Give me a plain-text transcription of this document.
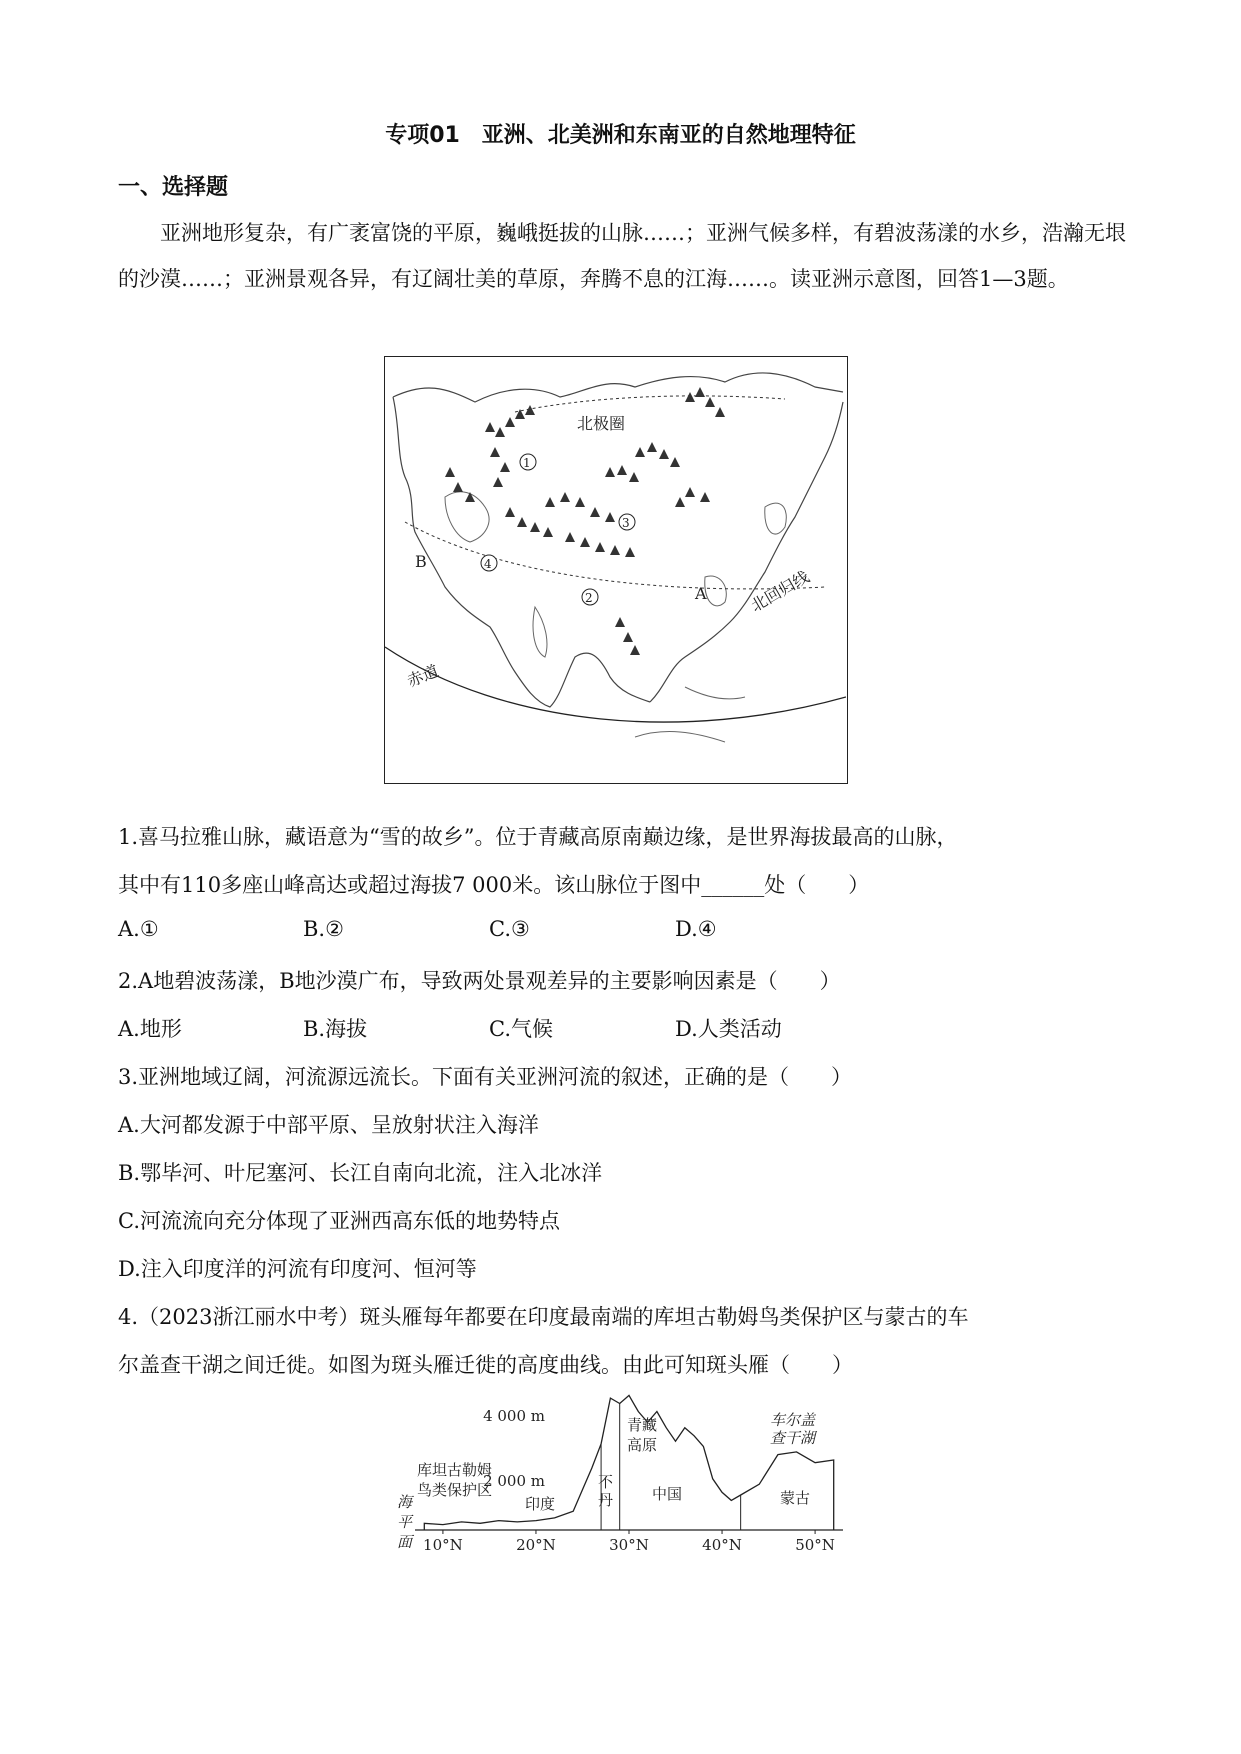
专项01　亚洲、北美洲和东南亚的自然地理特征
一、选择题
亚洲地形复杂，有广袤富饶的平原，巍峨挺拔的山脉……；亚洲气候多样，有碧波荡漾的水乡，浩瀚无垠的沙漠……；亚洲景观各异，有辽阔壮美的草原，奔腾不息的江海……。读亚洲示意图，回答1—3题。
北极圈
北回归线
赤道
B
A
1
2
3
4
1.喜马拉雅山脉，藏语意为“雪的故乡”。位于青藏高原南巅边缘，是世界海拔最高的山脉，
其中有110多座山峰高达或超过海拔7 000米。该山脉位于图中______处（　　）
A.①	B.②	C.③	D.④
2.A地碧波荡漾，B地沙漠广布，导致两处景观差异的主要影响因素是（　　）
A.地形	B.海拔	C.气候	D.人类活动
3.亚洲地域辽阔，河流源远流长。下面有关亚洲河流的叙述，正确的是（　　）
A.大河都发源于中部平原、呈放射状注入海洋
B.鄂毕河、叶尼塞河、长江自南向北流，注入北冰洋
C.河流流向充分体现了亚洲西高东低的地势特点
D.注入印度洋的河流有印度河、恒河等
4.（2023浙江丽水中考）斑头雁每年都要在印度最南端的库坦古勒姆鸟类保护区与蒙古的车
尔盖查干湖之间迁徙。如图为斑头雁迁徙的高度曲线。由此可知斑头雁（　　）
10°N	20°N	30°N	40°N	50°N
4 000 m
2 000 m
海
平
面
库坦古勒姆
鸟类保护区
印度
不
丹
青藏
高原
中国
车尔盖
查干湖
蒙古
